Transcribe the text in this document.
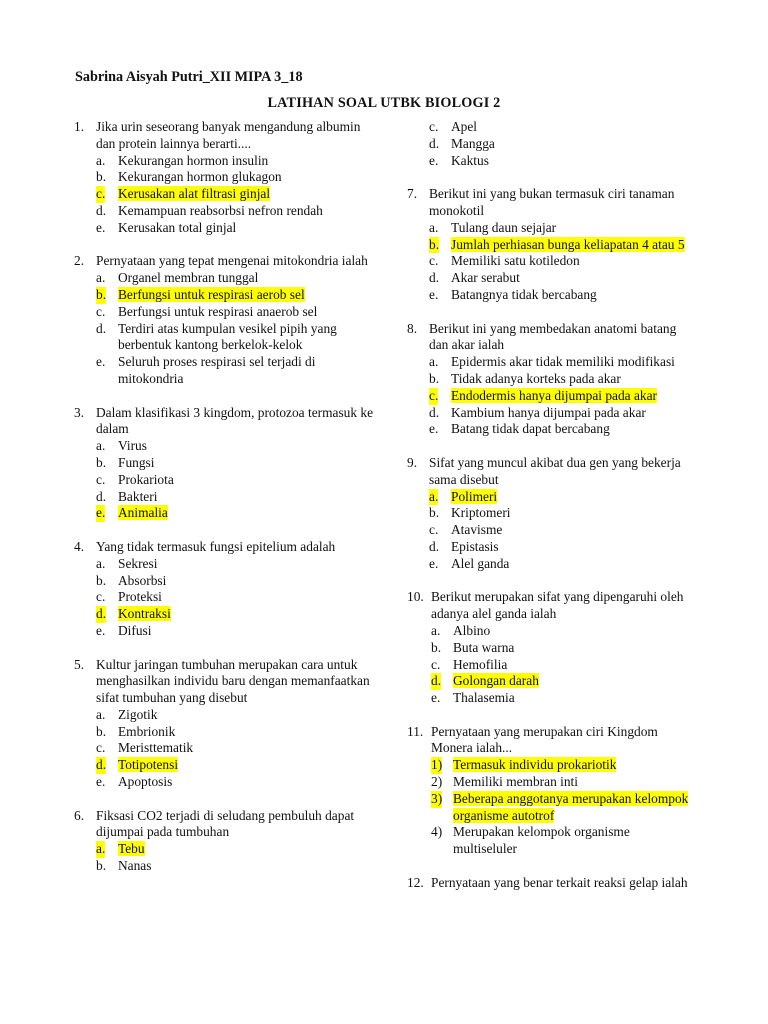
Sabrina Aisyah Putri_XII MIPA 3_18

LATIHAN SOAL UTBK BIOLOGI 2

1. Jika urin seseorang banyak mengandung albumin dan protein lainnya berarti....
a. Kekurangan hormon insulin
b. Kekurangan hormon glukagon
c. Kerusakan alat filtrasi ginjal
d. Kemampuan reabsorbsi nefron rendah
e. Kerusakan total ginjal
2. Pernyataan yang tepat mengenai mitokondria ialah
a. Organel membran tunggal
b. Berfungsi untuk respirasi aerob sel
c. Berfungsi untuk respirasi anaerob sel
d. Terdiri atas kumpulan vesikel pipih yang berbentuk kantong berkelok-kelok
e. Seluruh proses respirasi sel terjadi di mitokondria
3. Dalam klasifikasi 3 kingdom, protozoa termasuk ke dalam
a. Virus
b. Fungsi
c. Prokariota
d. Bakteri
e. Animalia
4. Yang tidak termasuk fungsi epitelium adalah
a. Sekresi
b. Absorbsi
c. Proteksi
d. Kontraksi
e. Difusi
5. Kultur jaringan tumbuhan merupakan cara untuk menghasilkan individu baru dengan memanfaatkan sifat tumbuhan yang disebut
a. Zigotik
b. Embrionik
c. Meristtematik
d. Totipotensi
e. Apoptosis
6. Fiksasi CO2 terjadi di seludang pembuluh dapat dijumpai pada tumbuhan
a. Tebu
b. Nanas
c. Apel
d. Mangga
e. Kaktus
7. Berikut ini yang bukan termasuk ciri tanaman monokotil
a. Tulang daun sejajar
b. Jumlah perhiasan bunga keliapatan 4 atau 5
c. Memiliki satu kotiledon
d. Akar serabut
e. Batangnya tidak bercabang
8. Berikut ini yang membedakan anatomi batang dan akar ialah
a. Epidermis akar tidak memiliki modifikasi
b. Tidak adanya korteks pada akar
c. Endodermis hanya dijumpai pada akar
d. Kambium hanya dijumpai pada akar
e. Batang tidak dapat bercabang
9. Sifat yang muncul akibat dua gen yang bekerja sama disebut
a. Polimeri
b. Kriptomeri
c. Atavisme
d. Epistasis
e. Alel ganda
10. Berikut merupakan sifat yang dipengaruhi oleh adanya alel ganda ialah
a. Albino
b. Buta warna
c. Hemofilia
d. Golongan darah
e. Thalasemia
11. Pernyataan yang merupakan ciri Kingdom Monera ialah...
1) Termasuk individu prokariotik
2) Memiliki membran inti
3) Beberapa anggotanya merupakan kelompok organisme autotrof
4) Merupakan kelompok organisme multiseluler
12. Pernyataan yang benar terkait reaksi gelap ialah
